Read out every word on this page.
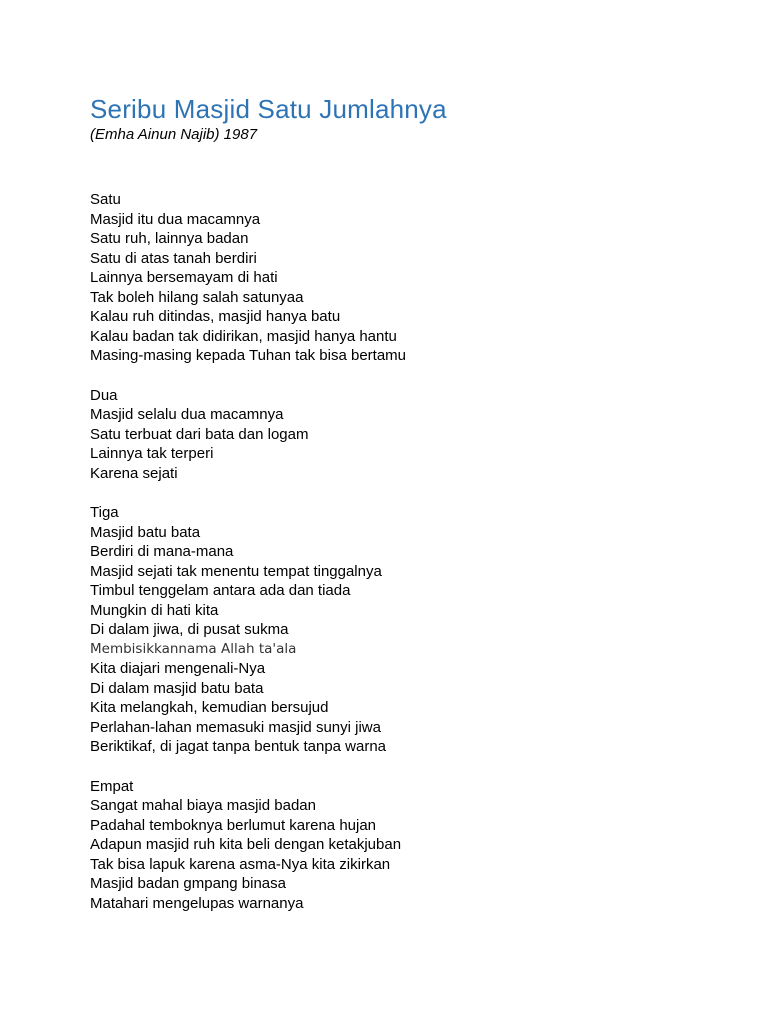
Seribu Masjid Satu Jumlahnya
(Emha Ainun Najib) 1987
Satu
Masjid itu dua macamnya
Satu ruh, lainnya badan
Satu di atas tanah berdiri
Lainnya bersemayam di hati
Tak boleh hilang salah satunyaa
Kalau ruh ditindas, masjid hanya batu
Kalau badan tak didirikan, masjid hanya hantu
Masing-masing kepada Tuhan tak bisa bertamu
Dua
Masjid selalu dua macamnya
Satu terbuat dari bata dan logam
Lainnya tak terperi
Karena sejati
Tiga
Masjid batu bata
Berdiri di mana-mana
Masjid sejati tak menentu tempat tinggalnya
Timbul tenggelam antara ada dan tiada
Mungkin di hati kita
Di dalam jiwa, di pusat sukma
Membisikkannama Allah ta'ala
Kita diajari mengenali-Nya
Di dalam masjid batu bata
Kita melangkah, kemudian bersujud
Perlahan-lahan memasuki masjid sunyi jiwa
Beriktikaf, di jagat tanpa bentuk tanpa warna
Empat
Sangat mahal biaya masjid badan
Padahal temboknya berlumut karena hujan
Adapun masjid ruh kita beli dengan ketakjuban
Tak bisa lapuk karena asma-Nya kita zikirkan
Masjid badan gmpang binasa
Matahari mengelupas warnanya
